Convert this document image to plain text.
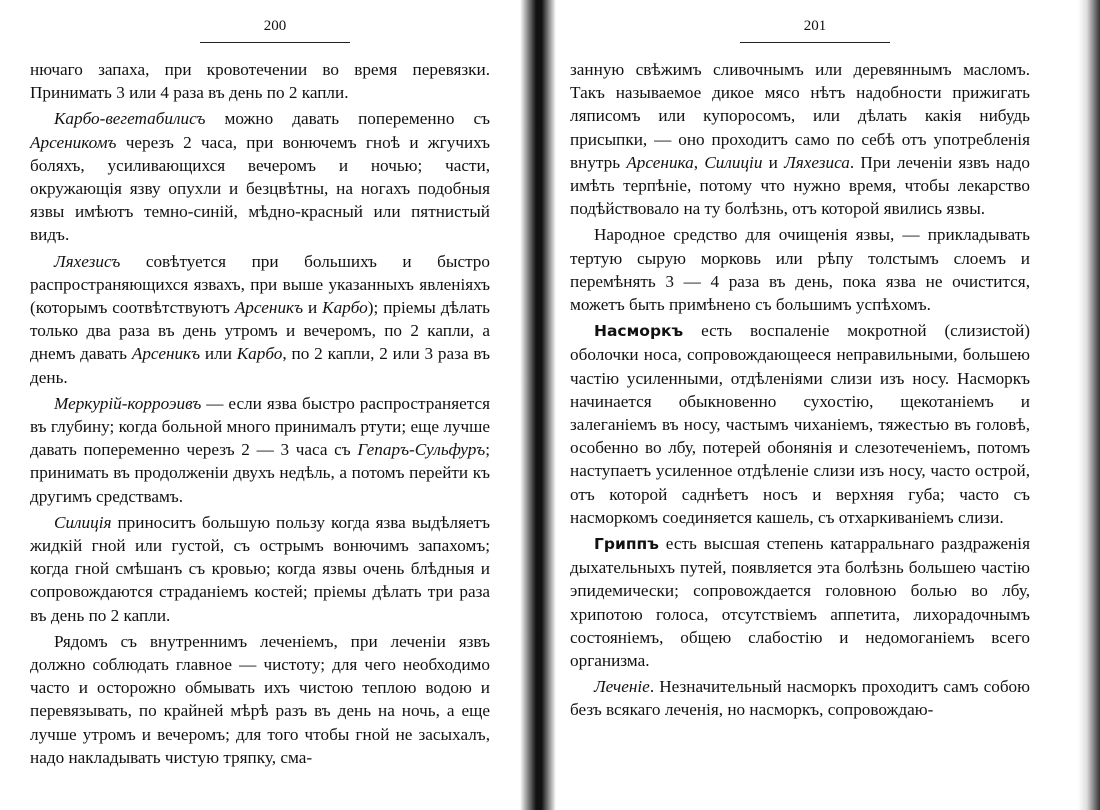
200

нючаго запаха, при кровотечении во время перевязки. Принимать 3 или 4 раза въ день по 2 капли.

Карбо-вегетабилисъ можно давать попеременно съ Арсеникомъ черезъ 2 часа, при вонючемъ гноѣ и жгучихъ боляхъ, усиливающихся вечеромъ и ночью; части, окружающія язву опухли и безцвѣтны, на ногахъ подобныя язвы имѣютъ темно-синій, мѣдно-красный или пятнистый видъ.

Ляхезисъ совѣтуется при большихъ и быстро распространяющихся язвахъ, при выше указанныхъ явленіяхъ (которымъ соотвѣтствуютъ Арсеникъ и Карбо); пріемы дѣлать только два раза въ день утромъ и вечеромъ, по 2 капли, а днемъ давать Арсеникъ или Карбо, по 2 капли, 2 или 3 раза въ день.

Меркурій-корроэивъ — если язва быстро распространяется въ глубину; когда больной много принималъ ртути; еще лучше давать попеременно черезъ 2 — 3 часа съ Гепаръ-Сульфуръ; принимать въ продолженіи двухъ недѣль, а потомъ перейти къ другимъ средствамъ.

Силиція приноситъ большую пользу когда язва выдѣляетъ жидкій гной или густой, съ острымъ вонючимъ запахомъ; когда гной смѣшанъ съ кровью; когда язвы очень блѣдныя и сопровождаются страданіемъ костей; пріемы дѣлать три раза въ день по 2 капли.

Рядомъ съ внутреннимъ леченіемъ, при леченіи язвъ должно соблюдать главное — чистоту; для чего необходимо часто и осторожно обмывать ихъ чистою теплою водою и перевязывать, по крайней мѣрѣ разъ въ день на ночь, а еще лучше утромъ и вечеромъ; для того чтобы гной не засыхалъ, надо накладывать чистую тряпку, сма-

201

занную свѣжимъ сливочнымъ или деревяннымъ масломъ. Такъ называемое дикое мясо нѣтъ надобности прижигать ляписомъ или купоросомъ, или дѣлать какія нибудь присыпки, — оно проходитъ само по себѣ отъ употребленія внутрь Арсеника, Силиціи и Ляхезиса. При леченіи язвъ надо имѣть терпѣніе, потому что нужно время, чтобы лекарство подѣйствовало на ту болѣзнь, отъ которой явились язвы.

Народное средство для очищенія язвы, — прикладывать тертую сырую морковь или рѣпу толстымъ слоемъ и перемѣнять 3 — 4 раза въ день, пока язва не очистится, можетъ быть примѣнено съ большимъ успѣхомъ.

Насморкъ есть воспаленіе мокротной (слизистой) оболочки носа, сопровождающееся неправильными, большею частію усиленными, отдѣленіями слизи изъ носу. Насморкъ начинается обыкновенно сухостію, щекотаніемъ и залеганіемъ въ носу, частымъ чиханіемъ, тяжестью въ головѣ, особенно во лбу, потерей обонянія и слезотеченіемъ, потомъ наступаетъ усиленное отдѣленіе слизи изъ носу, часто острой, отъ которой саднѣетъ носъ и верхняя губа; часто съ насморкомъ соединяется кашель, съ отхаркиваніемъ слизи.

Гриппъ есть высшая степень катарральнаго раздраженія дыхательныхъ путей, появляется эта болѣзнь большею частію эпидемически; сопровождается головною болью во лбу, хрипотою голоса, отсутствіемъ аппетита, лихорадочнымъ состояніемъ, общею слабостію и недомоганіемъ всего организма.

Леченіе. Незначительный насморкъ проходитъ самъ собою безъ всякаго леченія, но насморкъ, сопровождаю-
